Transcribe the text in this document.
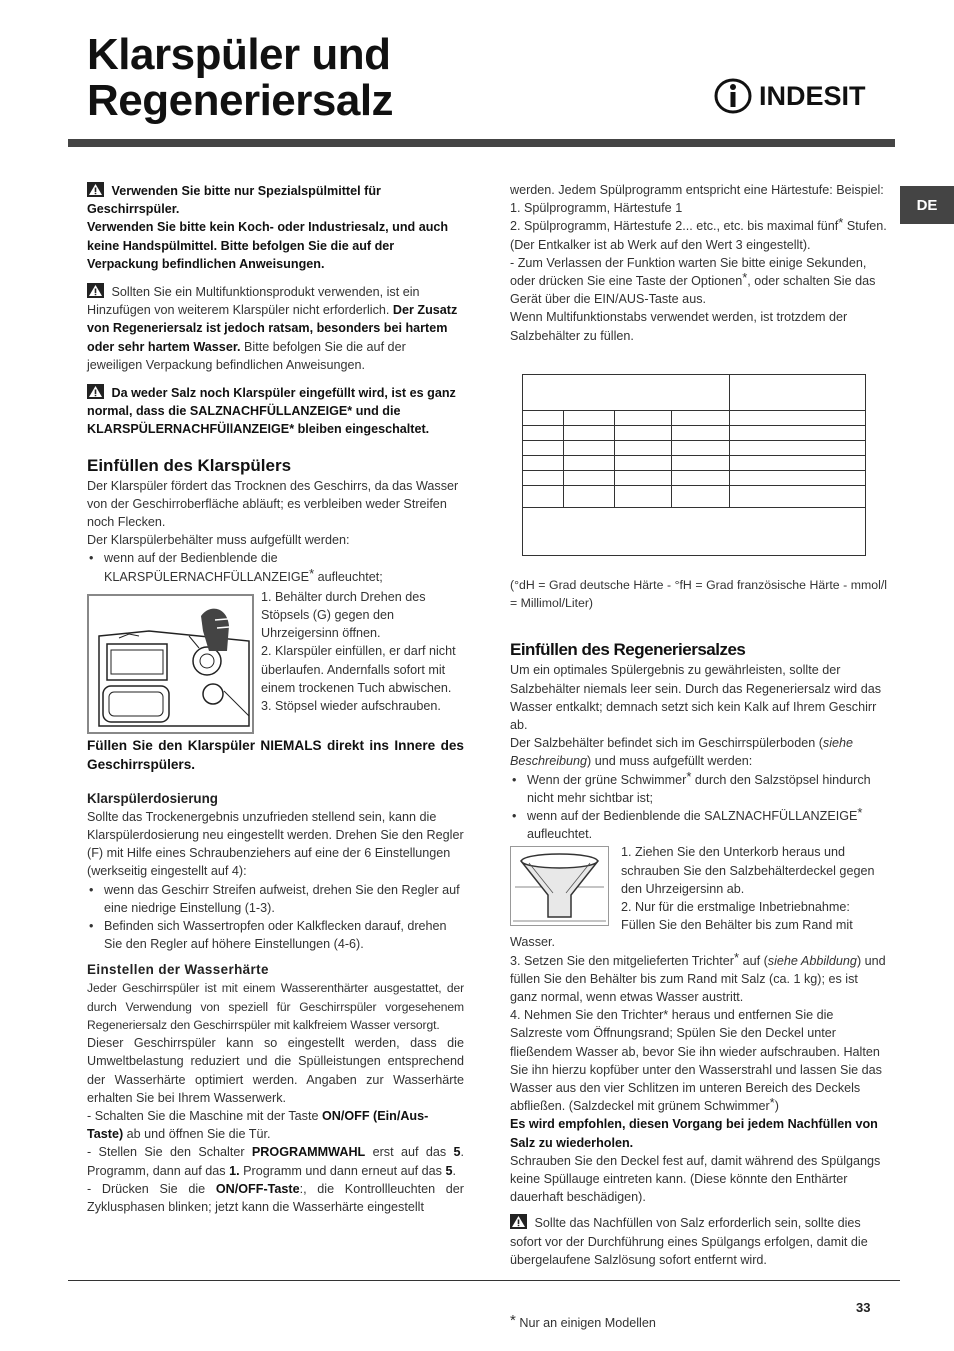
Klarspüler und
Regeneriersalz	INDESIT
DE
Verwenden Sie bitte nur Spezialspülmittel für Geschirrspüler.
Verwenden Sie bitte kein Koch- oder Industriesalz, und auch keine Handspülmittel. Bitte befolgen Sie die auf der Verpackung befindlichen Anweisungen.
Sollten Sie ein Multifunktionsprodukt verwenden, ist ein Hinzufügen von weiterem Klarspüler nicht erforderlich. Der Zusatz von Regeneriersalz ist jedoch ratsam, besonders bei hartem oder sehr hartem Wasser. Bitte befolgen Sie die auf der jeweiligen Verpackung befindlichen Anweisungen.
Da weder Salz noch Klarspüler eingefüllt wird, ist es ganz normal, dass die SALZNACHFÜLLANZEIGE* und die KLARSPÜLERNACHFÜllANZEIGE* bleiben eingeschaltet.
Einfüllen des Klarspülers

Der Klarspüler fördert das Trocknen des Geschirrs, da das Wasser von der Geschirroberfläche abläuft; es verbleiben weder Streifen noch Flecken.

Der Klarspülerbehälter muss aufgefüllt werden:

• wenn auf der Bedienblende die KLARSPÜLERNACHFÜLLANZEIGE* aufleuchtet;

1. Behälter durch Drehen des Stöpsels (G) gegen den Uhrzeigersinn öffnen.

2. Klarspüler einfüllen, er darf nicht überlaufen. Andernfalls sofort mit einem trockenen Tuch abwischen.

3. Stöpsel wieder aufschrauben.

Füllen Sie den Klarspüler NIEMALS direkt ins Innere des Geschirrspülers.

Klarspülerdosierung

Sollte das Trockenergebnis unzufrieden stellend sein, kann die Klarspülerdosierung neu eingestellt werden. Drehen Sie den Regler (F) mit Hilfe eines Schraubenziehers auf eine der 6 Einstellungen (werkseitig eingestellt auf 4):

• wenn das Geschirr Streifen aufweist, drehen Sie den Regler auf eine niedrige Einstellung (1-3).

• Befinden sich Wassertropfen oder Kalkflecken darauf, drehen Sie den Regler auf höhere Einstellungen (4-6).

Einstellen der Wasserhärte

Jeder Geschirrspüler ist mit einem Wasserenthärter ausgestattet, der durch Verwendung von speziell für Geschirrspüler vorgesehenem Regeneriersalz den Geschirrspüler mit kalkfreiem Wasser versorgt.

Dieser Geschirrspüler kann so eingestellt werden, dass die Umweltbelastung reduziert und die Spülleistungen entsprechend der Wasserhärte optimiert werden. Angaben zur Wasserhärte erhalten Sie bei Ihrem Wasserwerk.

- Schalten Sie die Maschine mit der Taste ON/OFF (Ein/Aus-Taste) ab und öffnen Sie die Tür.

- Stellen Sie den Schalter PROGRAMMWAHL erst auf das 5. Programm, dann auf das 1. Programm und dann erneut auf das 5.

- Drücken Sie die ON/OFF-Taste:, die Kontrollleuchten der Zyklusphasen blinken; jetzt kann die Wasserhärte eingestellt

werden. Jedem Spülprogramm entspricht eine Härtestufe: Beispiel: 1. Spülprogramm, Härtestufe 1

2. Spülprogramm, Härtestufe 2... etc., etc. bis maximal fünf* Stufen.

(Der Entkalker ist ab Werk auf den Wert 3 eingestellt).

- Zum Verlassen der Funktion warten Sie bitte einige Sekunden, oder drücken Sie eine Taste der Optionen*, oder schalten Sie das Gerät über die EIN/AUS-Taste aus.

Wenn Multifunktionstabs verwendet werden, ist trotzdem der Salzbehälter zu füllen.

(°dH = Grad deutsche Härte - °fH = Grad französische Härte - mmol/l = Millimol/Liter)

Einfüllen des Regeneriersalzes

Um ein optimales Spülergebnis zu gewährleisten, sollte der Salzbehälter niemals leer sein. Durch das Regeneriersalz wird das Wasser entkalkt; demnach setzt sich kein Kalk auf Ihrem Geschirr ab.

Der Salzbehälter befindet sich im Geschirrspülerboden (siehe Beschreibung) und muss aufgefüllt werden:

• Wenn der grüne Schwimmer* durch den Salzstöpsel hindurch nicht mehr sichtbar ist;

• wenn auf der Bedienblende die SALZNACHFÜLLANZEIGE* aufleuchtet.

1. Ziehen Sie den Unterkorb heraus und schrauben Sie den Salzbehälterdeckel gegen den Uhrzeigersinn ab.

2. Nur für die erstmalige Inbetriebnahme: Füllen Sie den Behälter bis zum Rand mit

Wasser.

3. Setzen Sie den mitgelieferten Trichter* auf (siehe Abbildung) und füllen Sie den Behälter bis zum Rand mit Salz (ca. 1 kg); es ist ganz normal, wenn etwas Wasser austritt.

4. Nehmen Sie den Trichter* heraus und entfernen Sie die Salzreste vom Öffnungsrand; Spülen Sie den Deckel unter fließendem Wasser ab, bevor Sie ihn wieder aufschrauben. Halten Sie ihn hierzu kopfüber unter den Wasserstrahl und lassen Sie das Wasser aus den vier Schlitzen im unteren Bereich des Deckels abfließen. (Salzdeckel mit grünem Schwimmer*)

Es wird empfohlen, diesen Vorgang bei jedem Nachfüllen von Salz zu wiederholen.

Schrauben Sie den Deckel fest auf, damit während des Spülgangs keine Spüllauge eintreten kann. (Diese könnte den Enthärter dauerhaft beschädigen).

Sollte das Nachfüllen von Salz erforderlich sein, sollte dies sofort vor der Durchführung eines Spülgangs erfolgen, damit die übergelaufene Salzlösung sofort entfernt wird.

33
* Nur an einigen Modellen
